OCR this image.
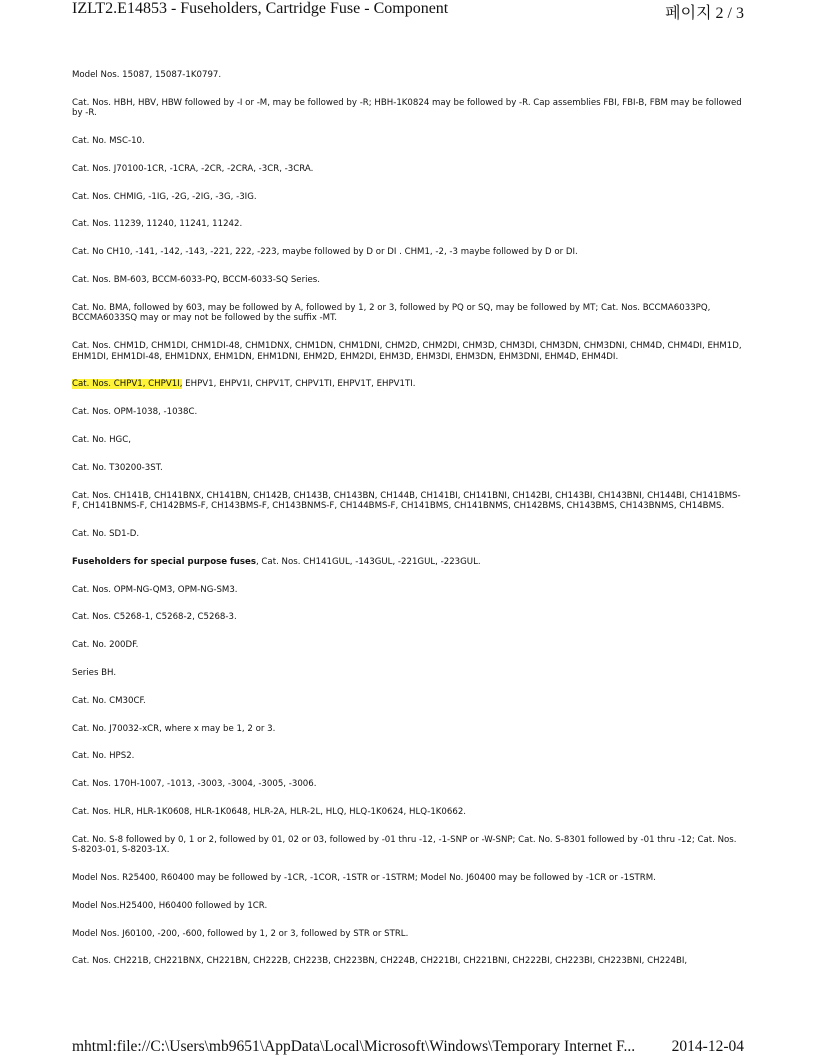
IZLT2.E14853 - Fuseholders, Cartridge Fuse - Component	페이지 2 / 3

Model Nos. 15087, 15087-1K0797.

Cat. Nos. HBH, HBV, HBW followed by -I or -M, may be followed by -R; HBH-1K0824 may be followed by -R. Cap assemblies FBI, FBI-B, FBM may be followed by -R.

Cat. No. MSC-10.

Cat. Nos. J70100-1CR, -1CRA, -2CR, -2CRA, -3CR, -3CRA.

Cat. Nos. CHMIG, -1IG, -2G, -2IG, -3G, -3IG.

Cat. Nos. 11239, 11240, 11241, 11242.

Cat. No CH10, -141, -142, -143, -221, 222, -223, maybe followed by D or DI . CHM1, -2, -3 maybe followed by D or DI.

Cat. Nos. BM-603, BCCM-6033-PQ, BCCM-6033-SQ Series.

Cat. No. BMA, followed by 603, may be followed by A, followed by 1, 2 or 3, followed by PQ or SQ, may be followed by MT; Cat. Nos. BCCMA6033PQ, BCCMA6033SQ may or may not be followed by the suffix -MT.

Cat. Nos. CHM1D, CHM1DI, CHM1DI-48, CHM1DNX, CHM1DN, CHM1DNI, CHM2D, CHM2DI, CHM3D, CHM3DI, CHM3DN, CHM3DNI, CHM4D, CHM4DI, EHM1D, EHM1DI, EHM1DI-48, EHM1DNX, EHM1DN, EHM1DNI, EHM2D, EHM2DI, EHM3D, EHM3DI, EHM3DN, EHM3DNI, EHM4D, EHM4DI.

Cat. Nos. CHPV1, CHPV1I, EHPV1, EHPV1I, CHPV1T, CHPV1TI, EHPV1T, EHPV1TI.

Cat. Nos. OPM-1038, -1038C.

Cat. No. HGC,

Cat. No. T30200-3ST.

Cat. Nos. CH141B, CH141BNX, CH141BN, CH142B, CH143B, CH143BN, CH144B, CH141BI, CH141BNI, CH142BI, CH143BI, CH143BNI, CH144BI, CH141BMS-F, CH141BNMS-F, CH142BMS-F, CH143BMS-F, CH143BNMS-F, CH144BMS-F, CH141BMS, CH141BNMS, CH142BMS, CH143BMS, CH143BNMS, CH14BMS.

Cat. No. SD1-D.

Fuseholders for special purpose fuses, Cat. Nos. CH141GUL, -143GUL, -221GUL, -223GUL.

Cat. Nos. OPM-NG-QM3, OPM-NG-SM3.

Cat. Nos. C5268-1, C5268-2, C5268-3.

Cat. No. 200DF.

Series BH.

Cat. No. CM30CF.

Cat. No. J70032-xCR, where x may be 1, 2 or 3.

Cat. No. HPS2.

Cat. Nos. 170H-1007, -1013, -3003, -3004, -3005, -3006.

Cat. Nos. HLR, HLR-1K0608, HLR-1K0648, HLR-2A, HLR-2L, HLQ, HLQ-1K0624, HLQ-1K0662.

Cat. No. S-8 followed by 0, 1 or 2, followed by 01, 02 or 03, followed by -01 thru -12, -1-SNP or -W-SNP; Cat. No. S-8301 followed by -01 thru -12; Cat. Nos. S-8203-01, S-8203-1X.

Model Nos. R25400, R60400 may be followed by -1CR, -1COR, -1STR or -1STRM; Model No. J60400 may be followed by -1CR or -1STRM.

Model Nos.H25400, H60400 followed by 1CR.

Model Nos. J60100, -200, -600, followed by 1, 2 or 3, followed by STR or STRL.

Cat. Nos. CH221B, CH221BNX, CH221BN, CH222B, CH223B, CH223BN, CH224B, CH221BI, CH221BNI, CH222BI, CH223BI, CH223BNI, CH224BI,

mhtml:file://C:\Users\mb9651\AppData\Local\Microsoft\Windows\Temporary Internet F... 2014-12-04
